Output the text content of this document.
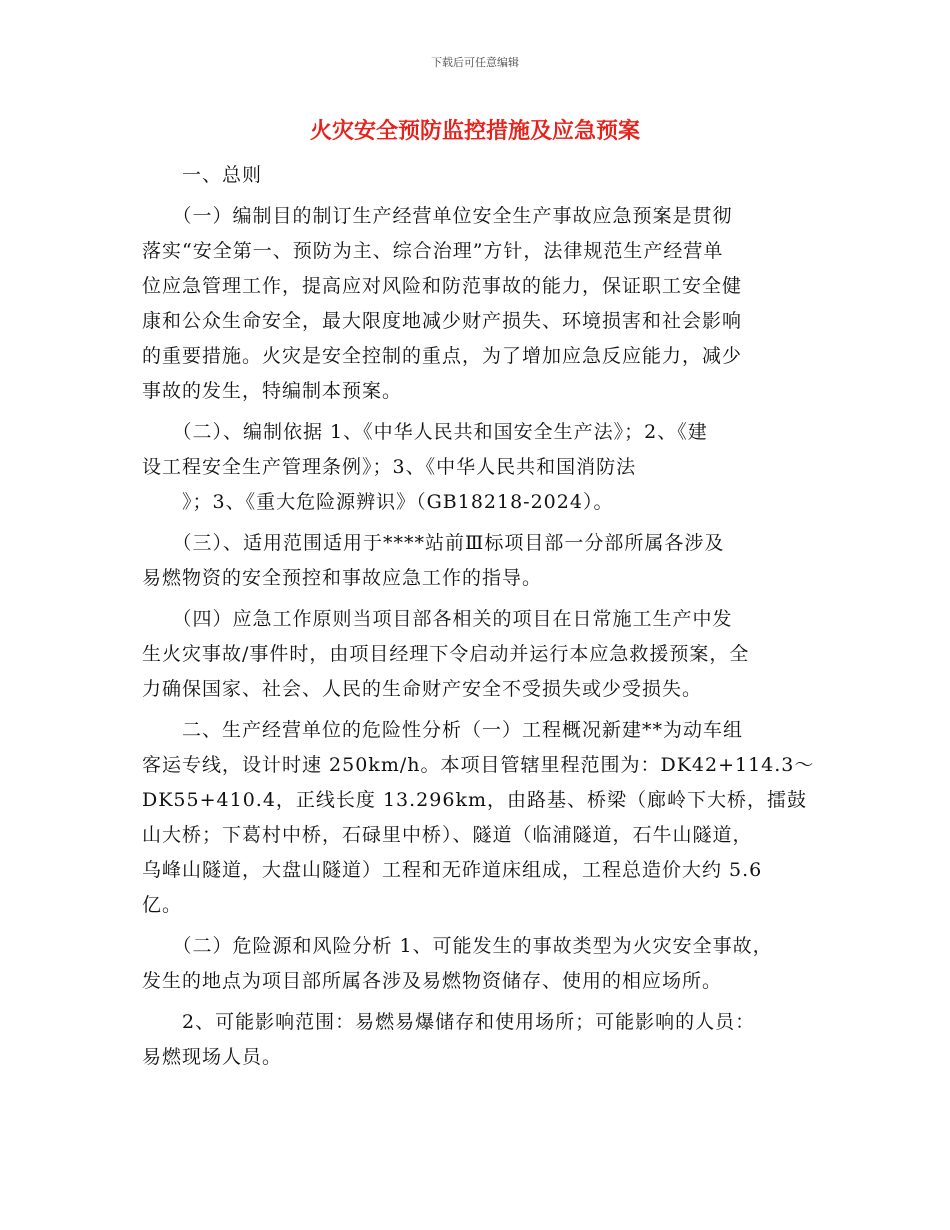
下载后可任意编辑
火灾安全预防监控措施及应急预案
　　一、总则
　　（一）编制目的制订生产经营单位安全生产事故应急预案是贯彻
落实“安全第一、预防为主、综合治理”方针，法律规范生产经营单
位应急管理工作，提高应对风险和防范事故的能力，保证职工安全健
康和公众生命安全，最大限度地减少财产损失、环境损害和社会影响
的重要措施。火灾是安全控制的重点，为了增加应急反应能力，减少
事故的发生，特编制本预案。
　　（二）、编制依据 1、《中华人民共和国安全生产法》；2、《建
设工程安全生产管理条例》；3、《中华人民共和国消防法
　　》；3、《重大危险源辨识》（GB18218-2024）。
　　（三）、适用范围适用于****站前Ⅲ标项目部一分部所属各涉及
易燃物资的安全预控和事故应急工作的指导。
　　（四）应急工作原则当项目部各相关的项目在日常施工生产中发
生火灾事故/事件时，由项目经理下令启动并运行本应急救援预案，全
力确保国家、社会、人民的生命财产安全不受损失或少受损失。
　　二、生产经营单位的危险性分析（一）工程概况新建**为动车组
客运专线，设计时速 250km/h。本项目管辖里程范围为：DK42+114.3～
DK55+410.4，正线长度 13.296km，由路基、桥梁（廊岭下大桥，擂鼓
山大桥；下葛村中桥，石碌里中桥）、隧道（临浦隧道，石牛山隧道，
乌峰山隧道，大盘山隧道）工程和无砟道床组成，工程总造价大约 5.6
亿。
　　（二）危险源和风险分析 1、可能发生的事故类型为火灾安全事故，
发生的地点为项目部所属各涉及易燃物资储存、使用的相应场所。
　　2、可能影响范围：易燃易爆储存和使用场所；可能影响的人员：
易燃现场人员。
